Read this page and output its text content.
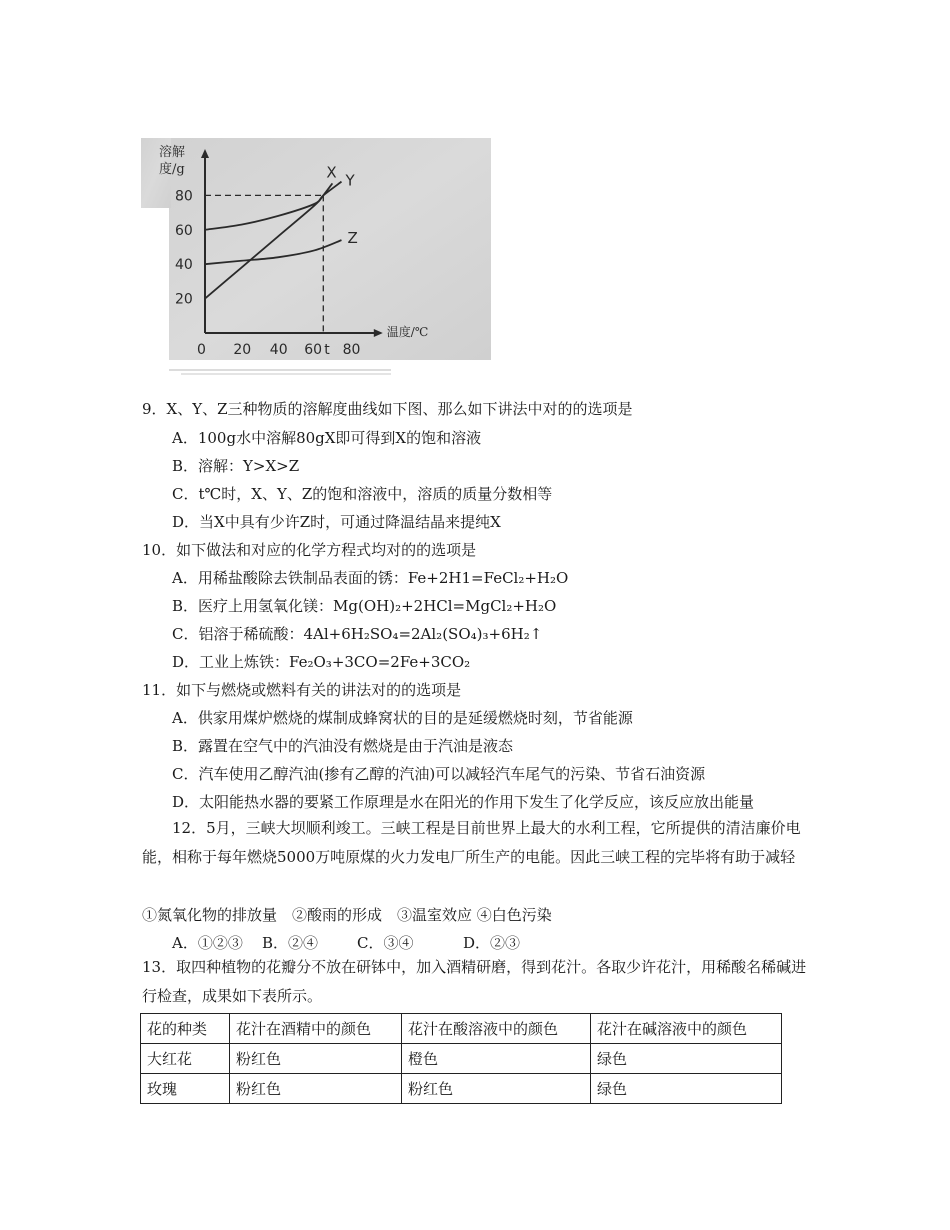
溶解
度/g
温度/℃
20
40
60
80
0 20 40 60 t 80
X Y
Z
9．X、Y、Z三种物质的溶解度曲线如下图、那么如下讲法中对的的选项是
A．100g水中溶解80gX即可得到X的饱和溶液
B．溶解：Y>X>Z
C．t℃时，X、Y、Z的饱和溶液中，溶质的质量分数相等
D．当X中具有少许Z时，可通过降温结晶来提纯X
10．如下做法和对应的化学方程式均对的的选项是
A．用稀盐酸除去铁制品表面的锈：Fe+2H1=FeCl₂+H₂O
B．医疗上用氢氧化镁：Mg(OH)₂+2HCl=MgCl₂+H₂O
C．铝溶于稀硫酸：4Al+6H₂SO₄=2Al₂(SO₄)₃+6H₂↑
D．工业上炼铁：Fe₂O₃+3CO=2Fe+3CO₂
11．如下与燃烧或燃料有关的讲法对的的选项是
A．供家用煤炉燃烧的煤制成蜂窝状的目的是延缓燃烧时刻，节省能源
B．露置在空气中的汽油没有燃烧是由于汽油是液态
C．汽车使用乙醇汽油(掺有乙醇的汽油)可以减轻汽车尾气的污染、节省石油资源
D．太阳能热水器的要紧工作原理是水在阳光的作用下发生了化学反应，该反应放出能量
12．5月，三峡大坝顺利竣工。三峡工程是目前世界上最大的水利工程，它所提供的清洁廉价电能，相称于每年燃烧5000万吨原煤的火力发电厂所生产的电能。因此三峡工程的完毕将有助于减轻
①氮氧化物的排放量　②酸雨的形成　③温室效应 ④白色污染
A．①②③ B．②④	C．③④	D．②③
13．取四种植物的花瓣分不放在研钵中，加入酒精研磨，得到花汁。各取少许花汁，用稀酸名稀碱进行检查，成果如下表所示。
花的种类	花汁在酒精中的颜色	花汁在酸溶液中的颜色	花汁在碱溶液中的颜色
大红花	粉红色	橙色	绿色
玫瑰	粉红色	粉红色	绿色
